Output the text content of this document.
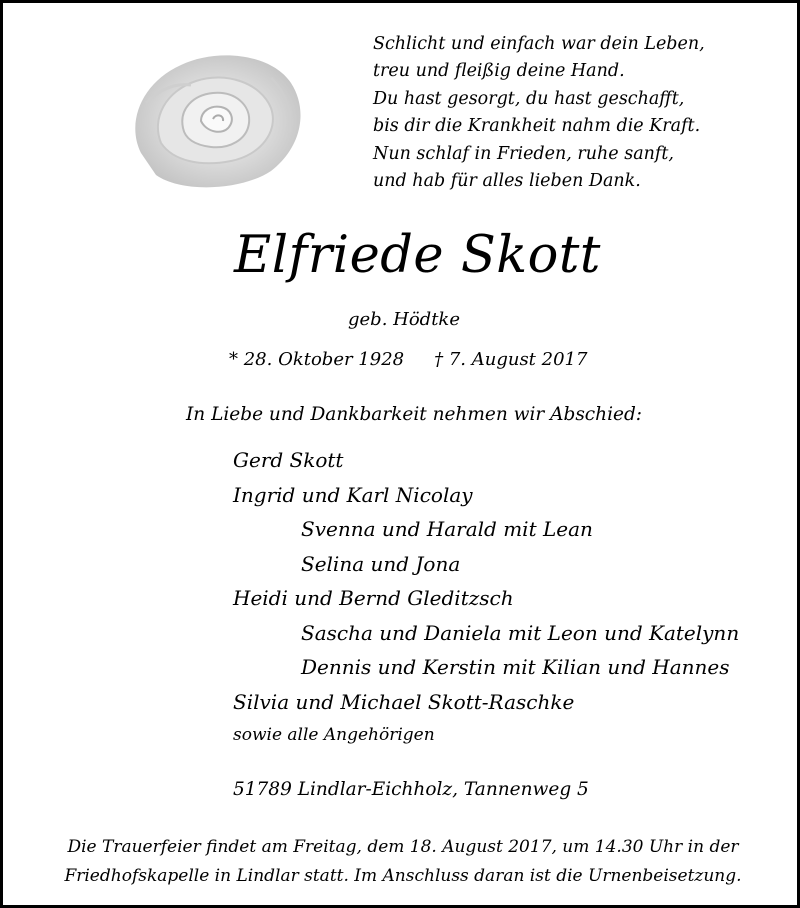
Schlicht und einfach war dein Leben,
treu und fleißig deine Hand.
Du hast gesorgt, du hast geschafft,
bis dir die Krankheit nahm die Kraft.
Nun schlaf in Frieden, ruhe sanft,
und hab für alles lieben Dank.
Elfriede Skott
geb. Hödtke
* 28. Oktober 1928 † 7. August 2017
In Liebe und Dankbarkeit nehmen wir Abschied:
Gerd Skott
Ingrid und Karl Nicolay
Svenna und Harald mit Lean
Selina und Jona
Heidi und Bernd Gleditzsch
Sascha und Daniela mit Leon und Katelynn
Dennis und Kerstin mit Kilian und Hannes
Silvia und Michael Skott-Raschke
sowie alle Angehörigen
51789 Lindlar-Eichholz, Tannenweg 5
Die Trauerfeier findet am Freitag, dem 18. August 2017, um 14.30 Uhr in der
Friedhofskapelle in Lindlar statt. Im Anschluss daran ist die Urnenbeisetzung.
